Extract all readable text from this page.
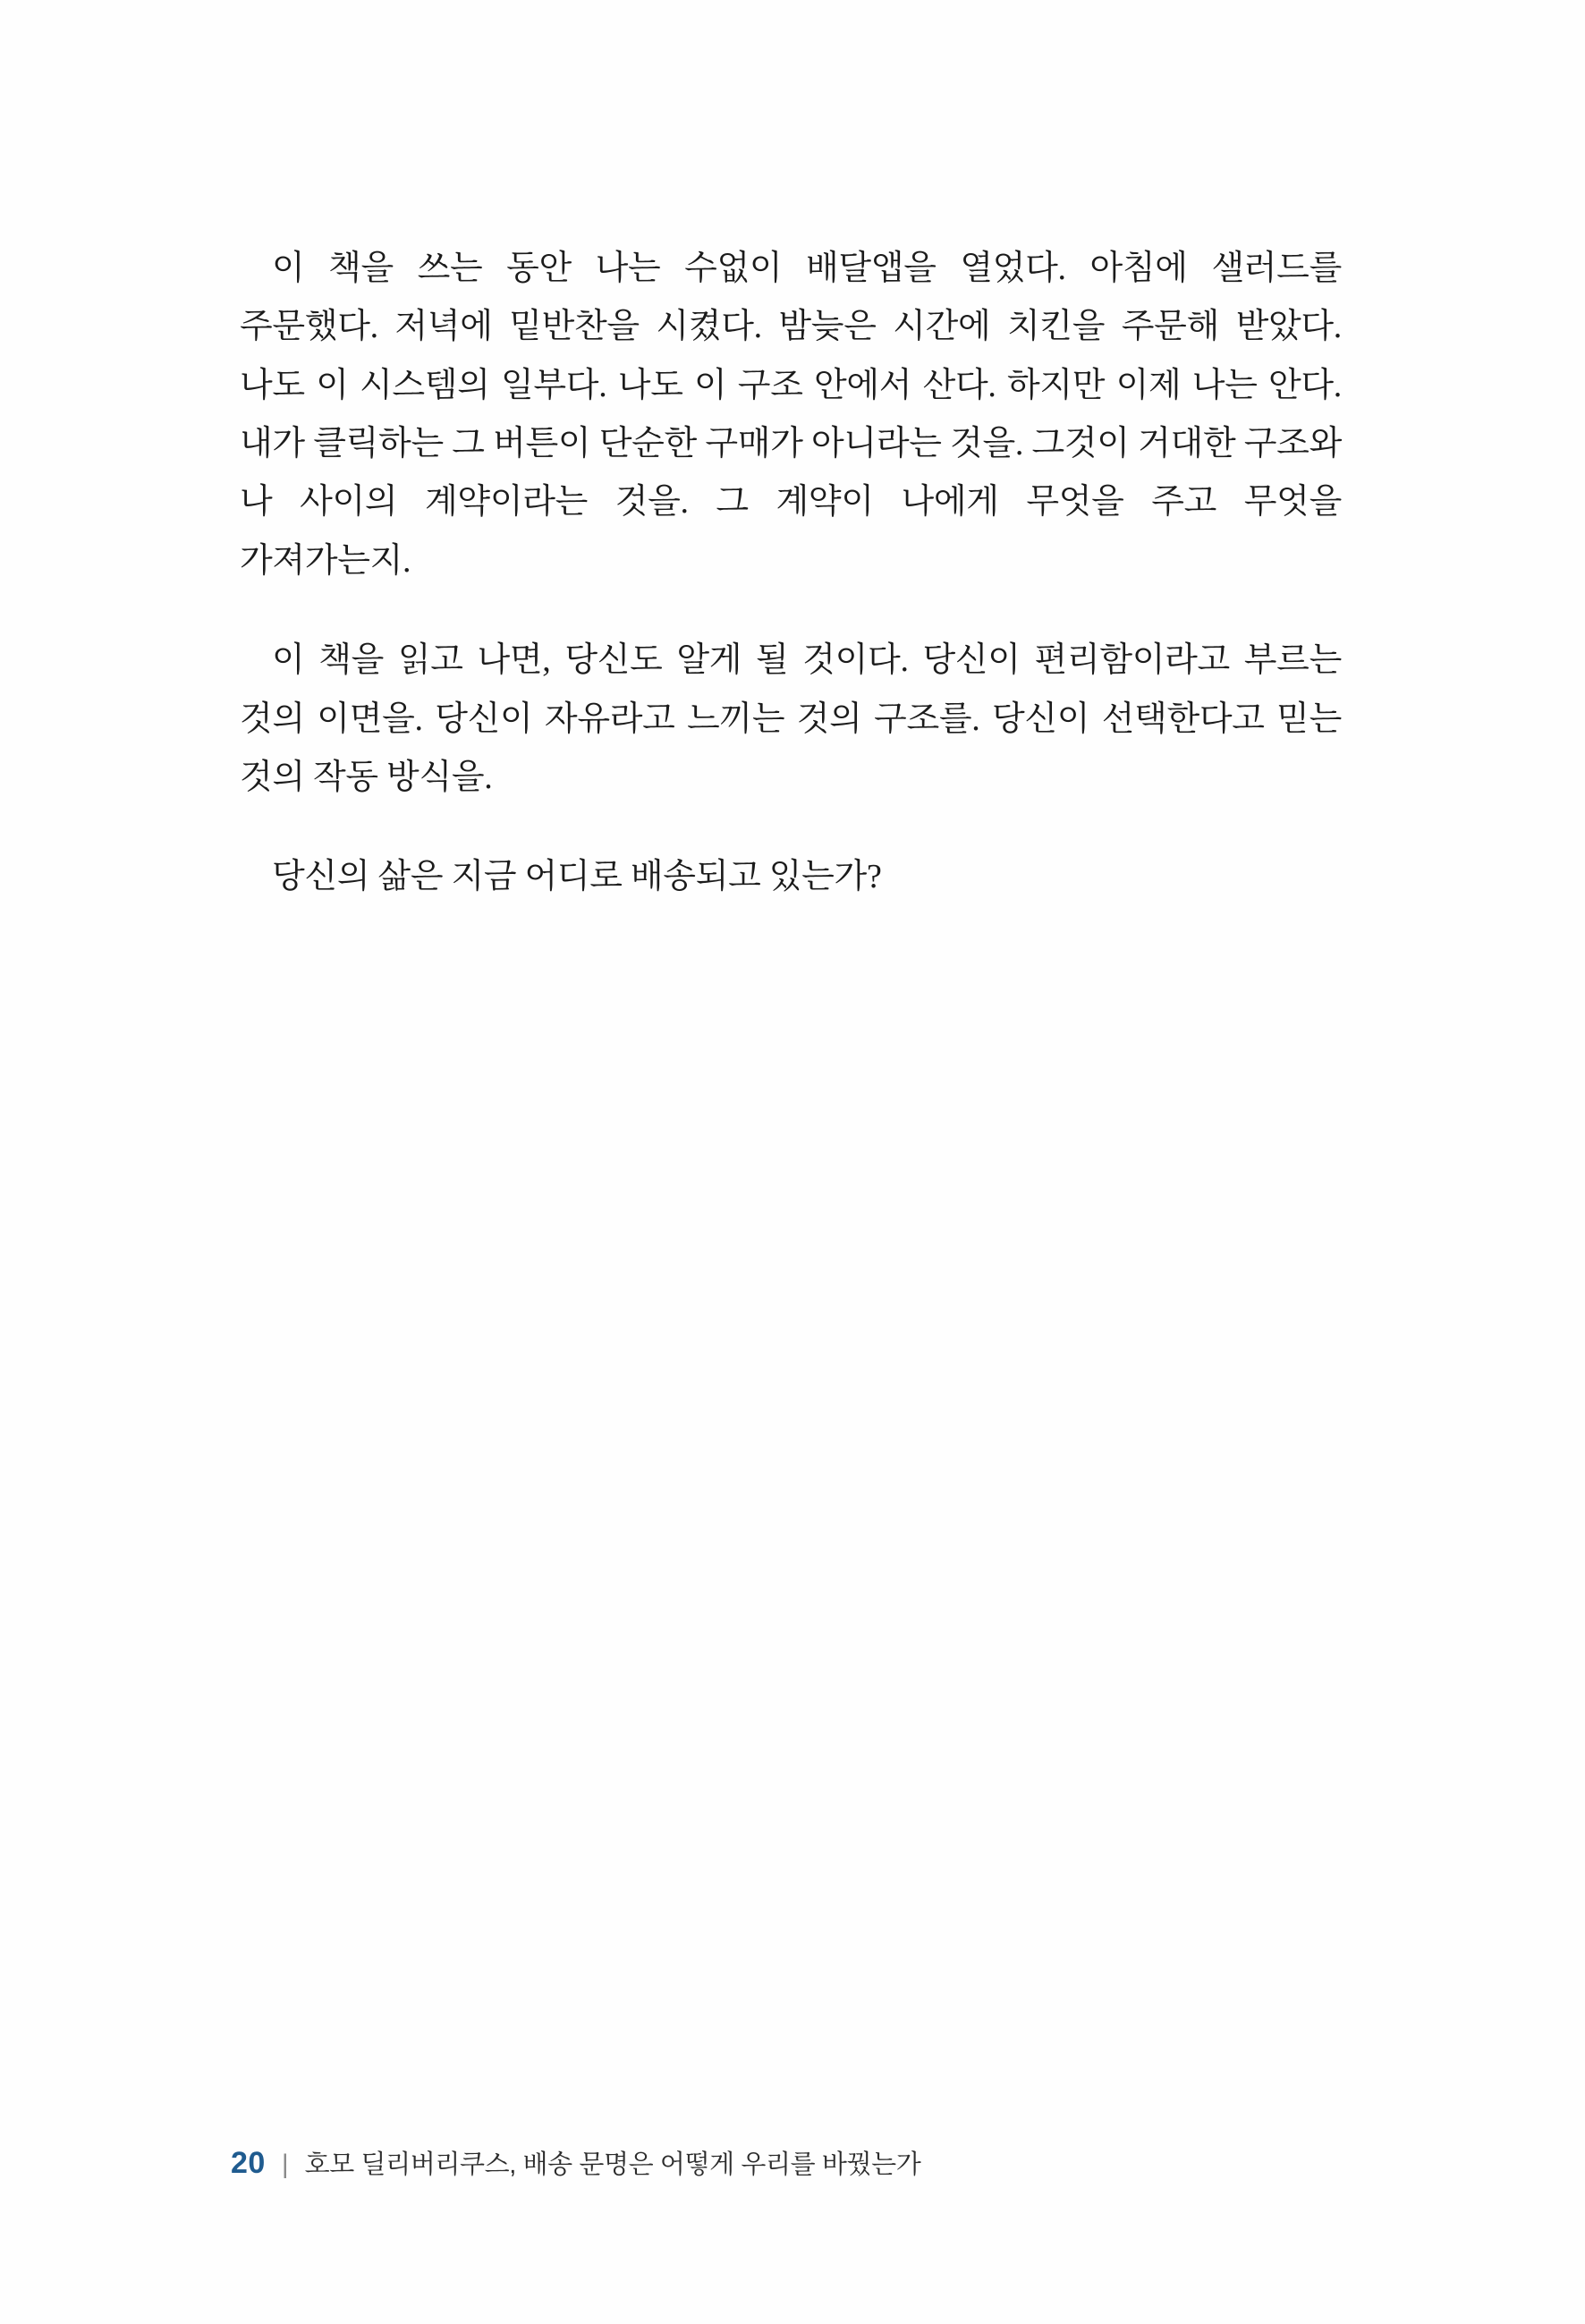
이 책을 쓰는 동안 나는 수없이 배달앱을 열었다. 아침에 샐러드를 주문했다. 저녁에 밑반찬을 시켰다. 밤늦은 시간에 치킨을 주문해 받았다. 나도 이 시스템의 일부다. 나도 이 구조 안에서 산다. 하지만 이제 나는 안다. 내가 클릭하는 그 버튼이 단순한 구매가 아니라는 것을. 그것이 거대한 구조와 나 사이의 계약이라는 것을. 그 계약이 나에게 무엇을 주고 무엇을 가져가는지.

이 책을 읽고 나면, 당신도 알게 될 것이다. 당신이 편리함이라고 부르는 것의 이면을. 당신이 자유라고 느끼는 것의 구조를. 당신이 선택한다고 믿는 것의 작동 방식을.

당신의 삶은 지금 어디로 배송되고 있는가?

20 | 호모 딜리버리쿠스, 배송 문명은 어떻게 우리를 바꿨는가
